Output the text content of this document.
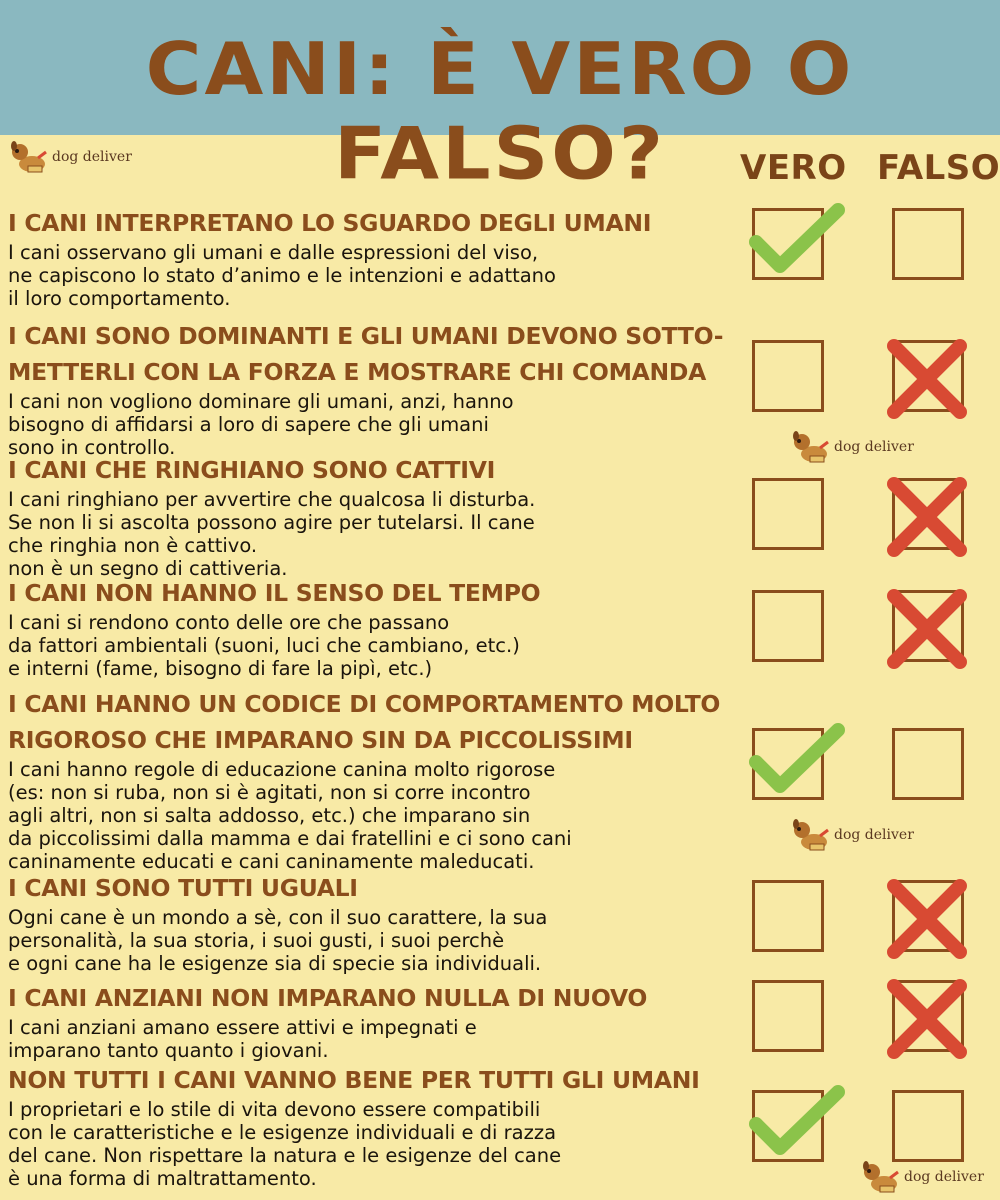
CANI: È VERO O FALSO?
dog deliver
dog deliver
dog deliver
dog deliver
VERO FALSO
I CANI INTERPRETANO LO SGUARDO DEGLI UMANI
I cani osservano gli umani e dalle espressioni del viso,
ne capiscono lo stato d’animo e le intenzioni e adattano
il loro comportamento.
I CANI SONO DOMINANTI E GLI UMANI DEVONO SOTTO-
METTERLI CON LA FORZA E MOSTRARE CHI COMANDA
I cani non vogliono dominare gli umani, anzi, hanno
bisogno di affidarsi a loro di sapere che gli umani
sono in controllo.
I CANI CHE RINGHIANO SONO CATTIVI
I cani ringhiano per avvertire che qualcosa li disturba.
Se non li si ascolta possono agire per tutelarsi. Il cane
che ringhia non è cattivo.
non è un segno di cattiveria.
I CANI NON HANNO IL SENSO DEL TEMPO
I cani si rendono conto delle ore che passano
da fattori ambientali (suoni, luci che cambiano, etc.)
e interni (fame, bisogno di fare la pipì, etc.)
I CANI HANNO UN CODICE DI COMPORTAMENTO MOLTO
RIGOROSO CHE IMPARANO SIN DA PICCOLISSIMI
I cani hanno regole di educazione canina molto rigorose
(es: non si ruba, non si è agitati, non si corre incontro
agli altri, non si salta addosso, etc.) che imparano sin
da piccolissimi dalla mamma e dai fratellini e ci sono cani
caninamente educati e cani caninamente maleducati.
I CANI SONO TUTTI UGUALI
Ogni cane è un mondo a sè, con il suo carattere, la sua
personalità, la sua storia, i suoi gusti, i suoi perchè
e ogni cane ha le esigenze sia di specie sia individuali.
I CANI ANZIANI NON IMPARANO NULLA DI NUOVO
I cani anziani amano essere attivi e impegnati e
imparano tanto quanto i giovani.
NON TUTTI I CANI VANNO BENE PER TUTTI GLI UMANI
I proprietari e lo stile di vita devono essere compatibili
con le caratteristiche e le esigenze individuali e di razza
del cane. Non rispettare la natura e le esigenze del cane
è una forma di maltrattamento.
